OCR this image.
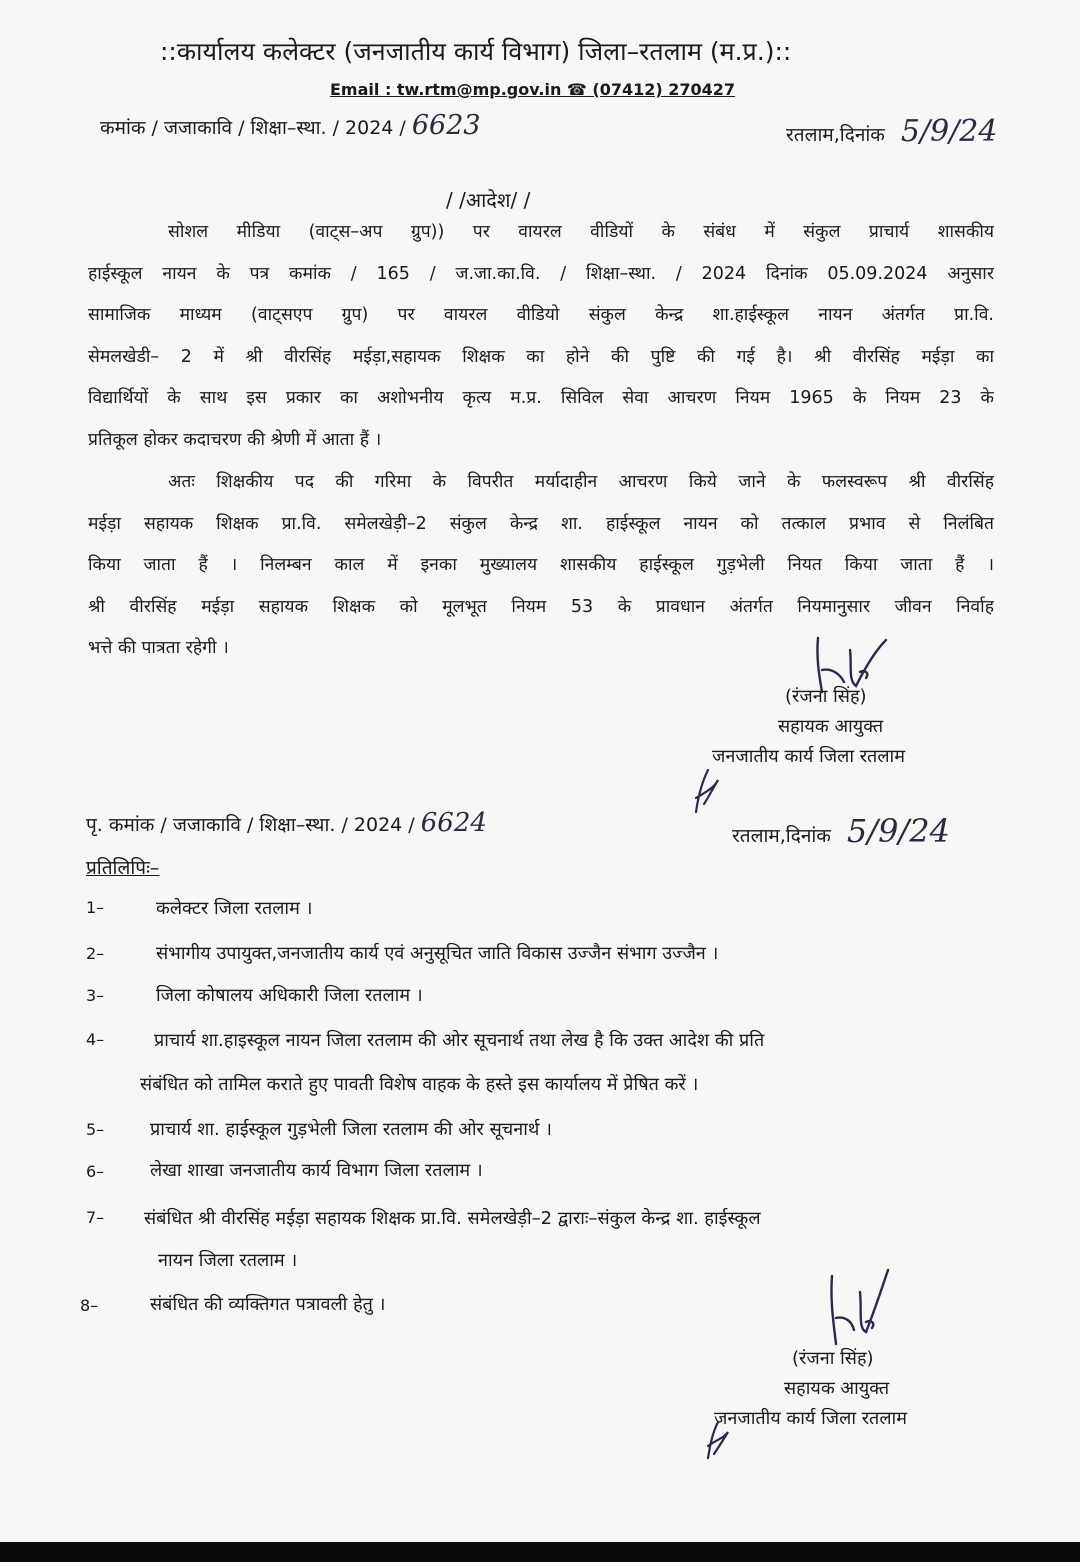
::कार्यालय कलेक्टर (जनजातीय कार्य विभाग) जिला–रतलाम (म.प्र.)::
Email : tw.rtm@mp.gov.in ☎ (07412) 270427
कमांक / जजाकावि / शिक्षा–स्था. / 2024 / 6623	रतलाम,दिनांक 5/9/24
/ /आदेश/ /
सोशल मीडिया (वाट्स–अप ग्रुप)) पर वायरल वीडियों के संबंध में संकुल प्राचार्य शासकीय
हाईस्कूल नायन के पत्र कमांक / 165 / ज.जा.का.वि. / शिक्षा–स्था. / 2024 दिनांक 05.09.2024 अनुसार
सामाजिक माध्यम (वाट्सएप ग्रुप) पर वायरल वीडियो संकुल केन्द्र शा.हाईस्कूल नायन अंतर्गत प्रा.वि.
सेमलखेडी– 2 में श्री वीरसिंह मईड़ा,सहायक शिक्षक का होने की पुष्टि की गई है। श्री वीरसिंह मईड़ा का
विद्यार्थियों के साथ इस प्रकार का अशोभनीय कृत्य म.प्र. सिविल सेवा आचरण नियम 1965 के नियम 23 के
प्रतिकूल होकर कदाचरण की श्रेणी में आता हैं ।
अतः शिक्षकीय पद की गरिमा के विपरीत मर्यादाहीन आचरण किये जाने के फलस्वरूप श्री वीरसिंह
मईड़ा सहायक शिक्षक प्रा.वि. समेलखेड़ी–2 संकुल केन्द्र शा. हाईस्कूल नायन को तत्काल प्रभाव से निलंबित
किया जाता हैं । निलम्बन काल में इनका मुख्यालय शासकीय हाईस्कूल गुड़भेली नियत किया जाता हैं ।
श्री वीरसिंह मईड़ा सहायक शिक्षक को मूलभूत नियम 53 के प्रावधान अंतर्गत नियमानुसार जीवन निर्वाह
भत्ते की पात्रता रहेगी ।
(रंजना सिंह)
सहायक आयुक्त
जनजातीय कार्य जिला रतलाम
पृ. कमांक / जजाकावि / शिक्षा–स्था. / 2024 / 6624	रतलाम,दिनांक 5/9/24
प्रतिलिपिः–
1–	कलेक्टर जिला रतलाम ।
2–	संभागीय उपायुक्त,जनजातीय कार्य एवं अनुसूचित जाति विकास उज्जैन संभाग उज्जैन ।
3–	जिला कोषालय अधिकारी जिला रतलाम ।
4–	प्राचार्य शा.हाइस्कूल नायन जिला रतलाम की ओर सूचनार्थ तथा लेख है कि उक्त आदेश की प्रति
संबंधित को तामिल कराते हुए पावती विशेष वाहक के हस्ते इस कार्यालय में प्रेषित करें ।
5–	प्राचार्य शा. हाईस्कूल गुड़भेली जिला रतलाम की ओर सूचनार्थ ।
6–	लेखा शाखा जनजातीय कार्य विभाग जिला रतलाम ।
7– संबंधित श्री वीरसिंह मईड़ा सहायक शिक्षक प्रा.वि. समेलखेड़ी–2 द्वाराः–संकुल केन्द्र शा. हाईस्कूल
नायन जिला रतलाम ।
8–	संबंधित की व्यक्तिगत पत्रावली हेतु ।
(रंजना सिंह)
सहायक आयुक्त
जनजातीय कार्य जिला रतलाम
